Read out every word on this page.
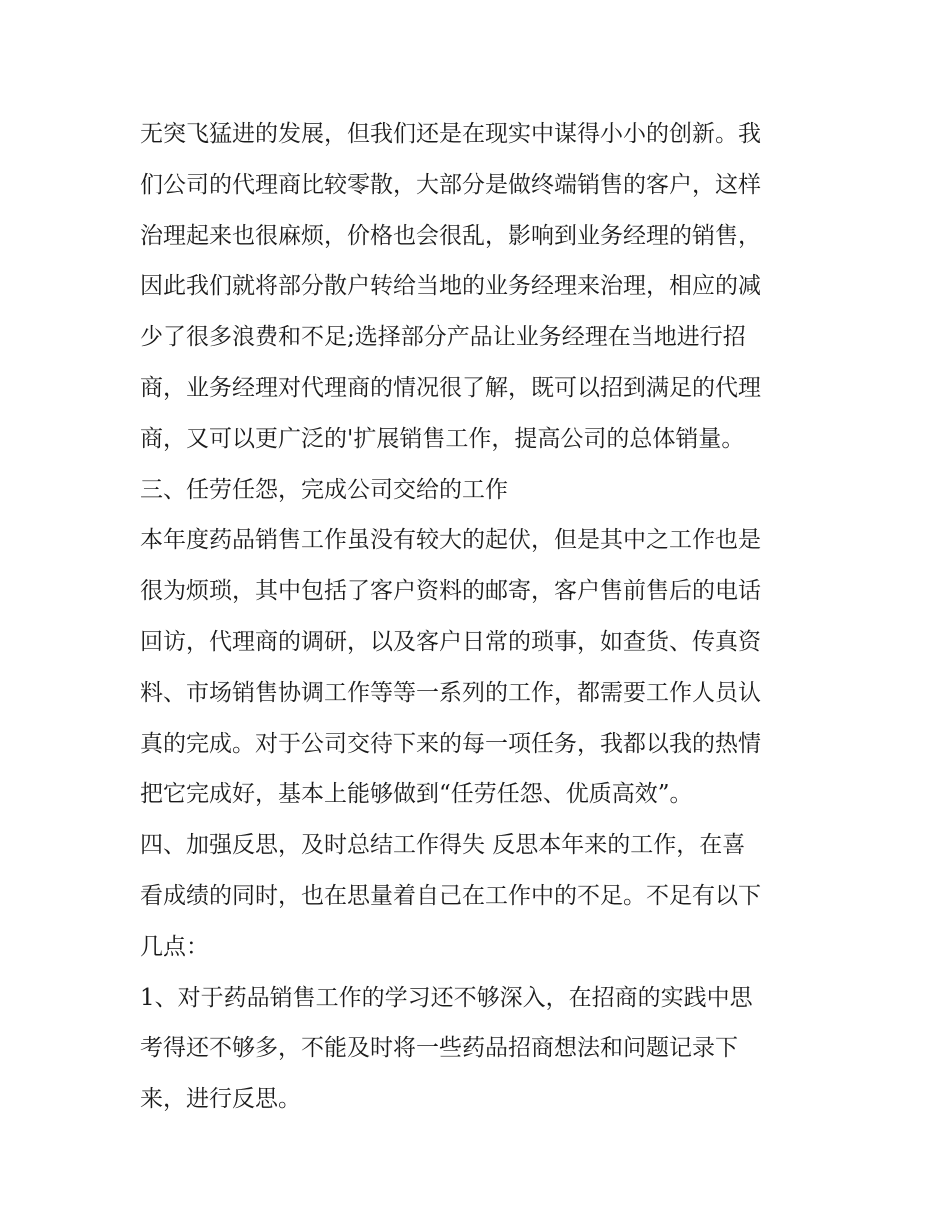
无突飞猛进的发展，但我们还是在现实中谋得小小的创新。我
们公司的代理商比较零散，大部分是做终端销售的客户，这样
治理起来也很麻烦，价格也会很乱，影响到业务经理的销售，
因此我们就将部分散户转给当地的业务经理来治理，相应的减
少了很多浪费和不足;选择部分产品让业务经理在当地进行招
商，业务经理对代理商的情况很了解，既可以招到满足的代理
商，又可以更广泛的'扩展销售工作，提高公司的总体销量。
三、任劳任怨，完成公司交给的工作
本年度药品销售工作虽没有较大的起伏，但是其中之工作也是
很为烦琐，其中包括了客户资料的邮寄，客户售前售后的电话
回访，代理商的调研，以及客户日常的琐事，如查货、传真资
料、市场销售协调工作等等一系列的工作，都需要工作人员认
真的完成。对于公司交待下来的每一项任务，我都以我的热情
把它完成好，基本上能够做到“任劳任怨、优质高效”。
四、加强反思，及时总结工作得失 反思本年来的工作，在喜
看成绩的同时，也在思量着自己在工作中的不足。不足有以下
几点：
1、对于药品销售工作的学习还不够深入，在招商的实践中思
考得还不够多，不能及时将一些药品招商想法和问题记录下
来，进行反思。
